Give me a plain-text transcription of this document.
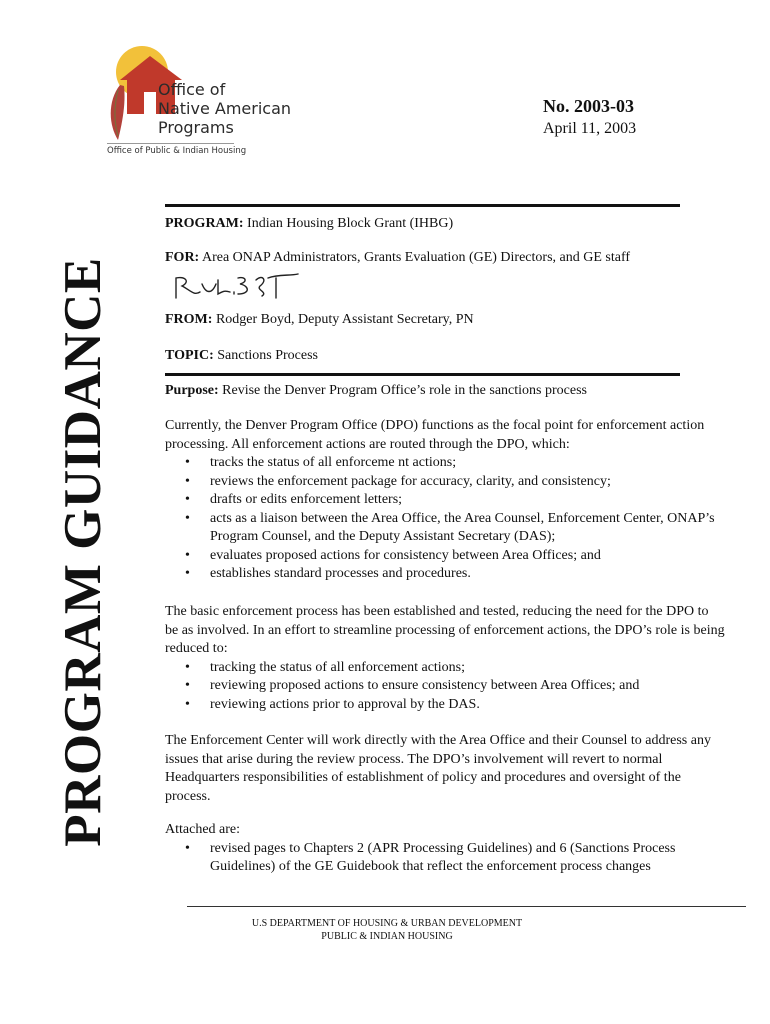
Office of
Native American
Programs
Office of Public & Indian Housing
No. 2003-03
April 11, 2003
PROGRAM GUIDANCE
PROGRAM: Indian Housing Block Grant (IHBG)
FOR: Area ONAP Administrators, Grants Evaluation (GE) Directors, and GE staff
FROM: Rodger Boyd, Deputy Assistant Secretary, PN
TOPIC: Sanctions Process
Purpose: Revise the Denver Program Office’s role in the sanctions process

Currently, the Denver Program Office (DPO) functions as the focal point for enforcement action processing. All enforcement actions are routed through the DPO, which:

• tracks the status of all enforceme nt actions;
• reviews the enforcement package for accuracy, clarity, and consistency;
• drafts or edits enforcement letters;
• acts as a liaison between the Area Office, the Area Counsel, Enforcement Center, ONAP’s Program Counsel, and the Deputy Assistant Secretary (DAS);
• evaluates proposed actions for consistency between Area Offices; and
• establishes standard processes and procedures.

The basic enforcement process has been established and tested, reducing the need for the DPO to be as involved. In an effort to streamline processing of enforcement actions, the DPO’s role is being reduced to:

• tracking the status of all enforcement actions;
• reviewing proposed actions to ensure consistency between Area Offices; and
• reviewing actions prior to approval by the DAS.

The Enforcement Center will work directly with the Area Office and their Counsel to address any issues that arise during the review process. The DPO’s involvement will revert to normal Headquarters responsibilities of establishment of policy and procedures and oversight of the process.

Attached are:

• revised pages to Chapters 2 (APR Processing Guidelines) and 6 (Sanctions Process Guidelines) of the GE Guidebook that reflect the enforcement process changes
U.S DEPARTMENT OF HOUSING & URBAN DEVELOPMENT
PUBLIC & INDIAN HOUSING
